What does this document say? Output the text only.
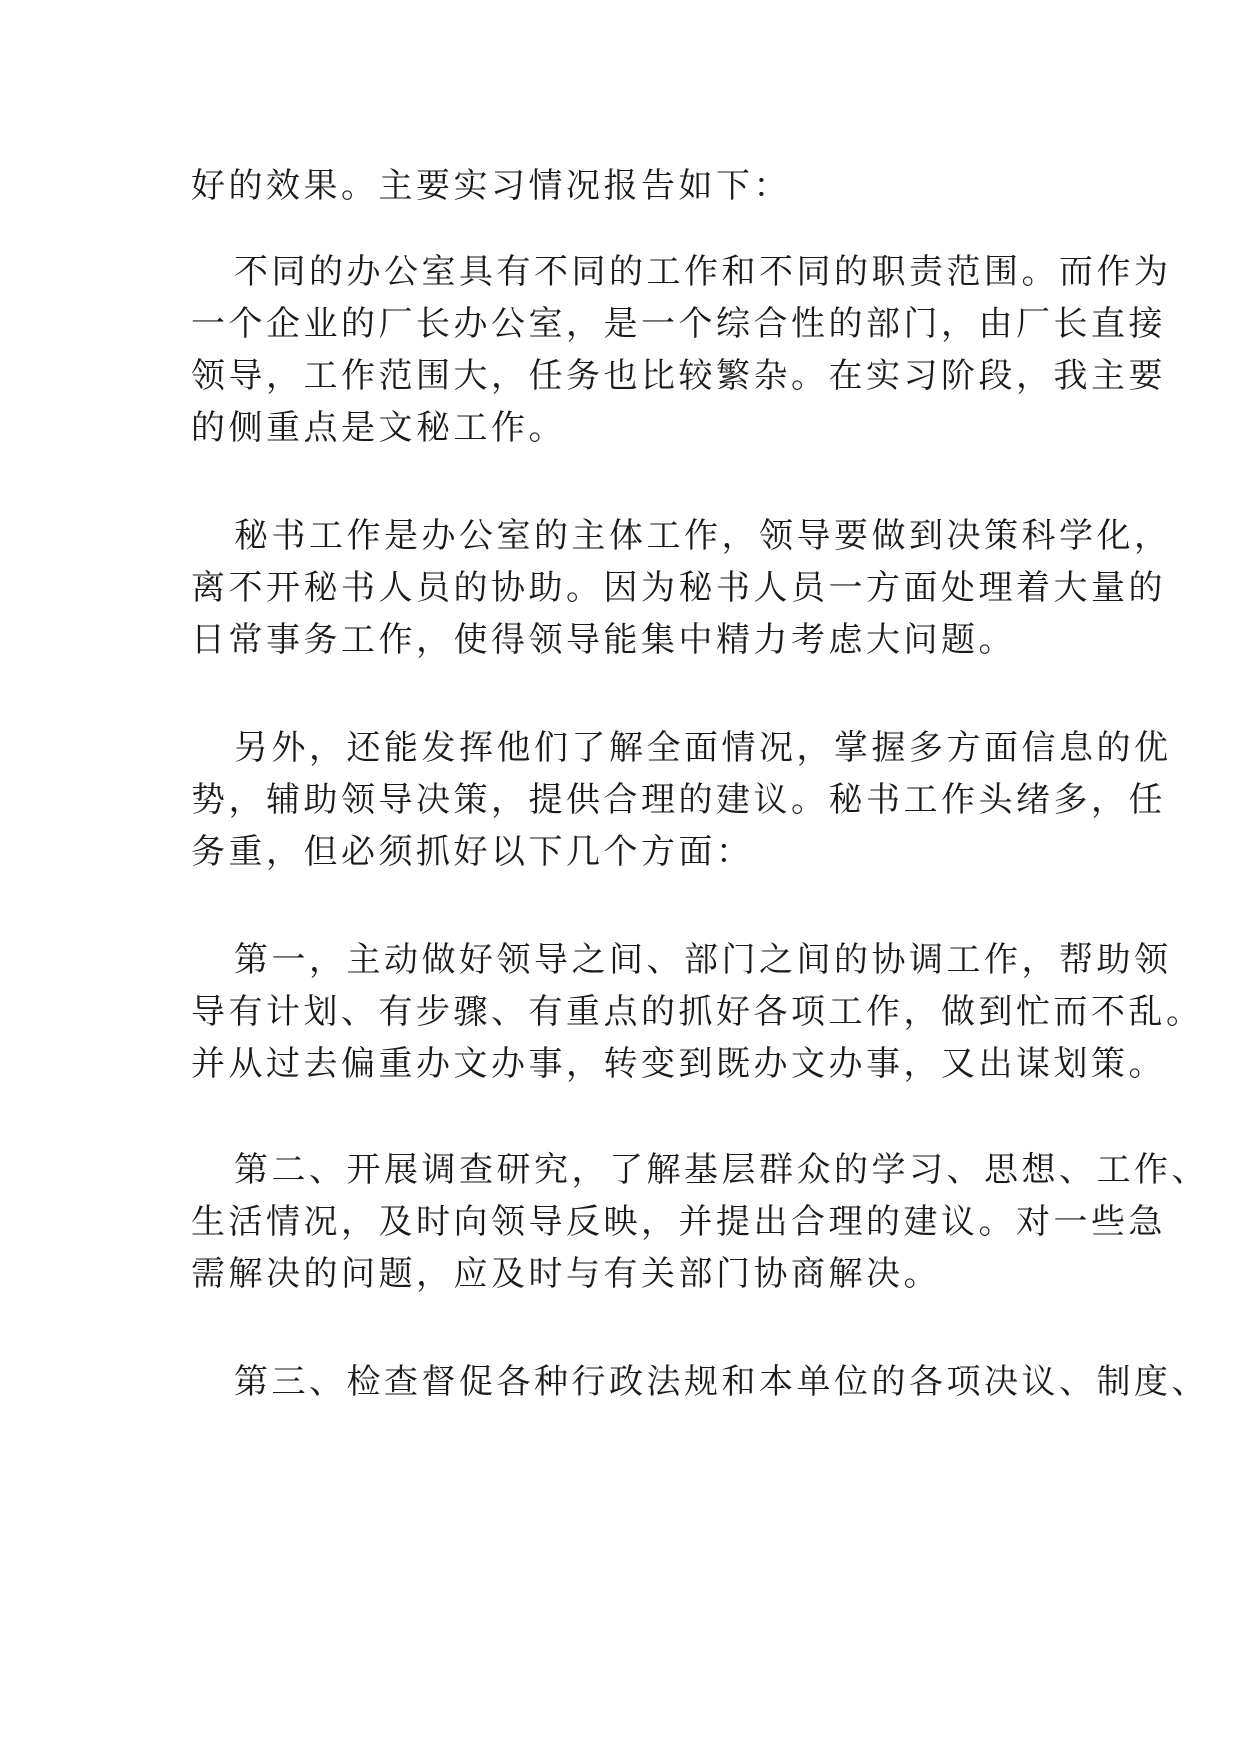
好的效果。主要实习情况报告如下：
不同的办公室具有不同的工作和不同的职责范围。而作为
一个企业的厂长办公室，是一个综合性的部门，由厂长直接
领导，工作范围大，任务也比较繁杂。在实习阶段，我主要
的侧重点是文秘工作。
秘书工作是办公室的主体工作，领导要做到决策科学化，
离不开秘书人员的协助。因为秘书人员一方面处理着大量的
日常事务工作，使得领导能集中精力考虑大问题。
另外，还能发挥他们了解全面情况，掌握多方面信息的优
势，辅助领导决策，提供合理的建议。秘书工作头绪多，任
务重，但必须抓好以下几个方面：
第一，主动做好领导之间、部门之间的协调工作，帮助领
导有计划、有步骤、有重点的抓好各项工作，做到忙而不乱。
并从过去偏重办文办事，转变到既办文办事，又出谋划策。
第二、开展调查研究，了解基层群众的学习、思想、工作、
生活情况，及时向领导反映，并提出合理的建议。对一些急
需解决的问题，应及时与有关部门协商解决。
第三、检查督促各种行政法规和本单位的各项决议、制度、
